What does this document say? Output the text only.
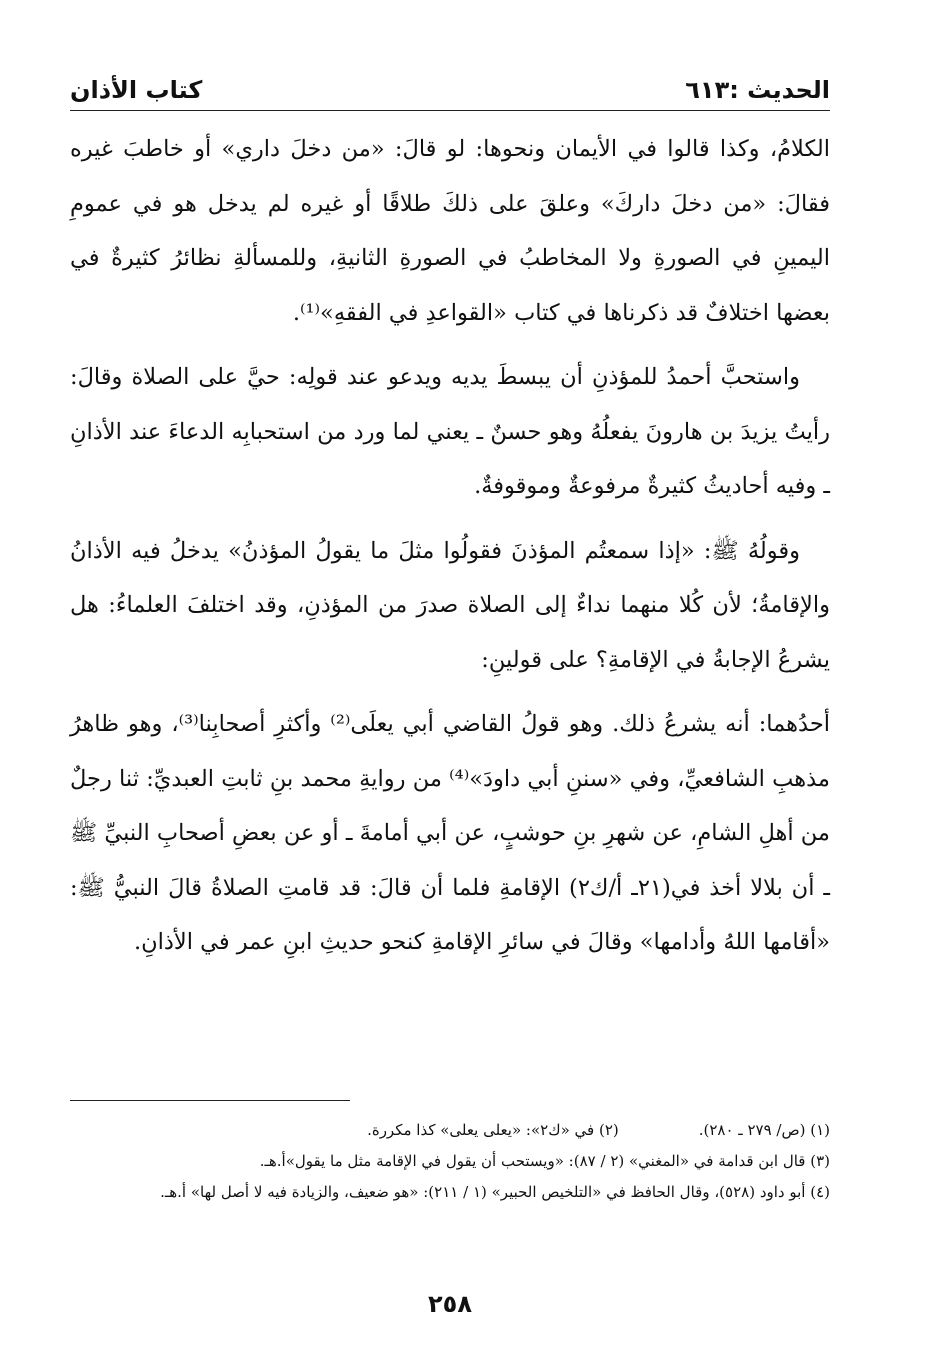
الحديث :٦١٣
كتاب الأذان

الكلامُ، وكذا قالوا في الأيمان ونحوها: لو قالَ: «من دخلَ داري» أو خاطبَ غيره فقالَ: «من دخلَ داركَ» وعلقَ على ذلكَ طلاقًا أو غيره لم يدخل هو في عمومِ اليمينِ في الصورةِ ولا المخاطبُ في الصورةِ الثانيةِ، وللمسألةِ نظائرُ كثيرةٌ في بعضها اختلافٌ قد ذكرناها في كتاب «القواعدِ في الفقهِ»⁽¹⁾.

واستحبَّ أحمدُ للمؤذنِ أن يبسطَ يديه ويدعو عند قولِه: حيَّ على الصلاة وقالَ: رأيتُ يزيدَ بن هارونَ يفعلُهُ وهو حسنٌ ـ يعني لما ورد من استحبابِه الدعاءَ عند الأذانِ ـ وفيه أحاديثُ كثيرةٌ مرفوعةٌ وموقوفةٌ.

وقولُهُ ﷺ: «إذا سمعتُم المؤذنَ فقولُوا مثلَ ما يقولُ المؤذنُ» يدخلُ فيه الأذانُ والإقامةُ؛ لأن كُلا منهما نداءٌ إلى الصلاة صدرَ من المؤذنِ، وقد اختلفَ العلماءُ: هل يشرعُ الإجابةُ في الإقامةِ؟ على قولينِ:

أحدُهما: أنه يشرعُ ذلك. وهو قولُ القاضي أبي يعلَى⁽²⁾ وأكثرِ أصحابِنا⁽³⁾، وهو ظاهرُ مذهبِ الشافعيِّ، وفي «سننِ أبي داودَ»⁽⁴⁾ من روايةِ محمد بنِ ثابتِ العبديِّ: ثنا رجلٌ من أهلِ الشامِ، عن شهرِ بنِ حوشبٍ، عن أبي أمامةَ ـ أو عن بعضِ أصحابِ النبيِّ ﷺ ـ أن بلالا أخذ في(٢١ـ أ/ك٢) الإقامةِ فلما أن قالَ: قد قامتِ الصلاةُ قالَ النبيُّ ﷺ: «أقامها اللهُ وأدامها» وقالَ في سائرِ الإقامةِ كنحو حديثِ ابنِ عمر في الأذانِ.

(١) (ص/ ٢٧٩ ـ ٢٨٠).

(٢) في «ك٢»: «يعلى يعلى» كذا مكررة.

(٣) قال ابن قدامة في «المغني» (٢ / ٨٧): «ويستحب أن يقول في الإقامة مثل ما يقول»أ.هـ.

(٤) أبو داود (٥٢٨)، وقال الحافظ في «التلخيص الحبير» (١ / ٢١١): «هو ضعيف، والزيادة فيه لا أصل لها» أ.هـ.

٢٥٨
